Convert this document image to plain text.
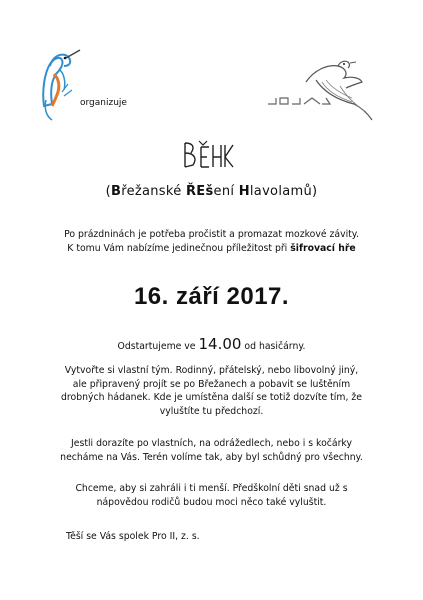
organizuje
(Břežanské ŘEšení Hlavolamů)
Po prázdninách je potřeba pročistit a promazat mozkové závity.
K tomu Vám nabízíme jedinečnou příležitost při šifrovací hře
16. září 2017.
Odstartujeme ve 14.00 od hasičárny.
Vytvořte si vlastní tým. Rodinný, přátelský, nebo libovolný jiný,
ale připravený projít se po Břežanech a pobavit se luštěním
drobných hádanek. Kde je umístěna další se totiž dozvíte tím, že
vyluštíte tu předchozí.
Jestli dorazíte po vlastních, na odrážedlech, nebo i s kočárky
necháme na Vás. Terén volíme tak, aby byl schůdný pro všechny.
Chceme, aby si zahráli i ti menší. Předškolní děti snad už s
nápovědou rodičů budou moci něco také vyluštit.
Těší se Vás spolek Pro II, z. s.
